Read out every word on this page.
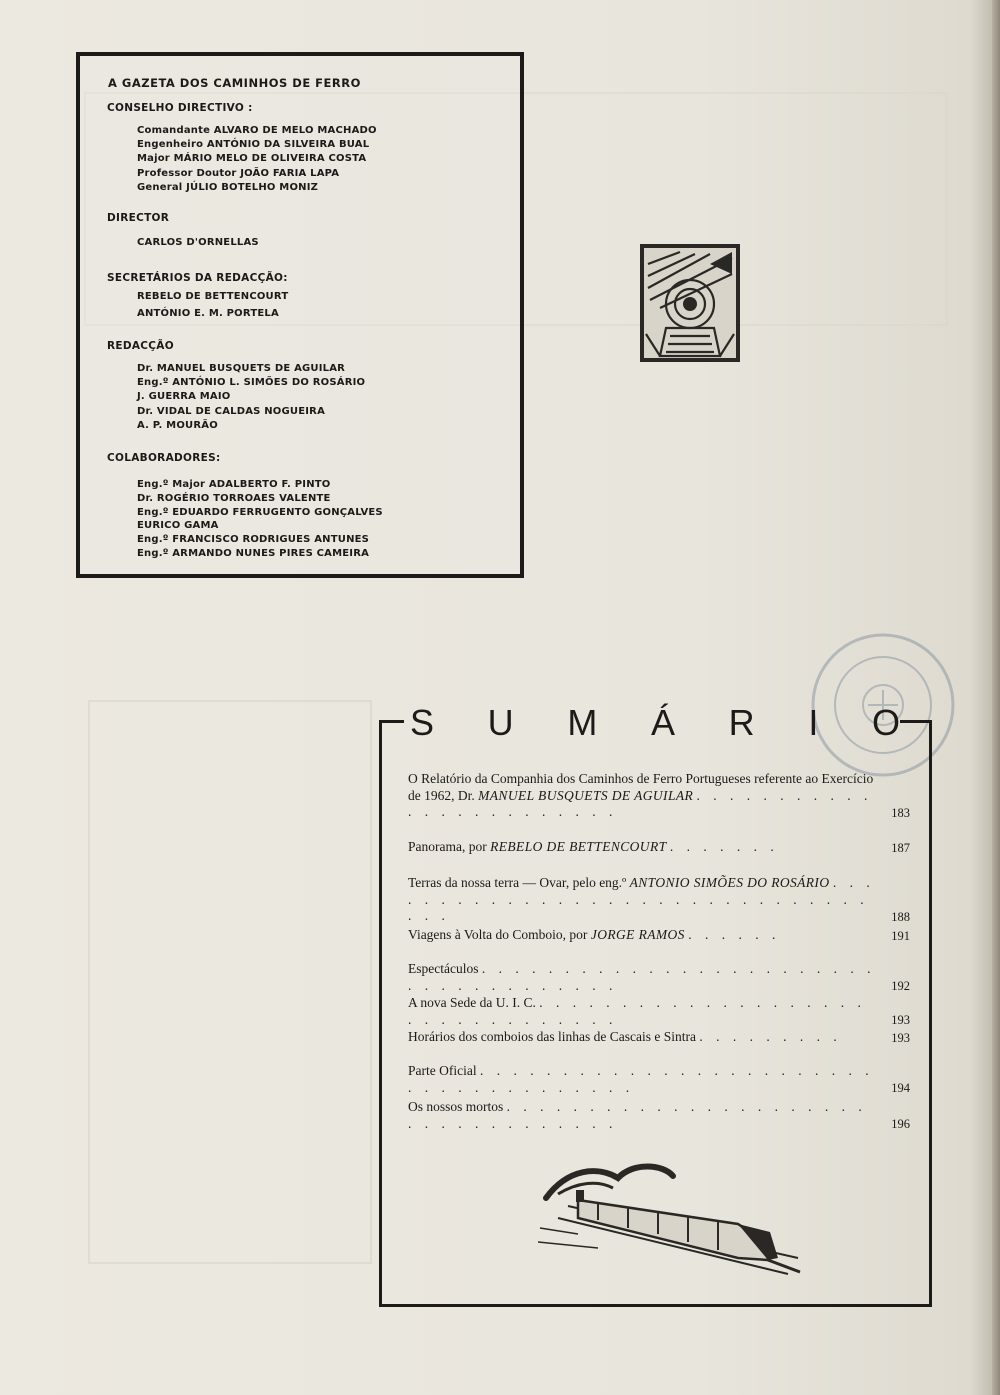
A GAZETA DOS CAMINHOS DE FERRO
CONSELHO DIRECTIVO :
Comandante ALVARO DE MELO MACHADO
Engenheiro ANTÓNIO DA SILVEIRA BUAL
Major MÁRIO MELO DE OLIVEIRA COSTA
Professor Doutor JOÃO FARIA LAPA
General JÚLIO BOTELHO MONIZ
DIRECTOR
CARLOS D'ORNELLAS
SECRETÁRIOS DA REDACÇÃO:
REBELO DE BETTENCOURT
ANTÓNIO E. M. PORTELA
REDACÇÃO
Dr. MANUEL BUSQUETS DE AGUILAR
Eng.º ANTÓNIO L. SIMÕES DO ROSÁRIO
J. GUERRA MAIO
Dr. VIDAL DE CALDAS NOGUEIRA
A. P. MOURÃO
COLABORADORES:
Eng.º Major ADALBERTO F. PINTO
Dr. ROGÉRIO TORROAES VALENTE
Eng.º EDUARDO FERRUGENTO GONÇALVES
EURICO GAMA
Eng.º FRANCISCO RODRIGUES ANTUNES
Eng.º ARMANDO NUNES PIRES CAMEIRA
S U M Á R I O
O Relatório da Companhia dos Caminhos de Ferro Portugueses referente ao Exercício de 1962, Dr. MANUEL BUSQUETS DE AGUILAR . . . . . . . . . . . . . . . . . . . . . . . .	183
Panorama, por REBELO DE BETTENCOURT . . . . . . .	187
Terras da nossa terra — Ovar, pelo eng.º ANTONIO SIMÕES DO ROSÁRIO . . . . . . . . . . . . . . . . . . . . . . . . . . . . . . . . . .	188
Viagens à Volta do Comboio, por JORGE RAMOS . . . . . .	191
Espectáculos . . . . . . . . . . . . . . . . . . . . . . . . . . . . . . . . . . . . .	192
A nova Sede da U. I. C. . . . . . . . . . . . . . . . . . . . . . . . . . . . . . . . . .	193
Horários dos comboios das linhas de Cascais e Sintra . . . . . . . . .	193
Parte Oficial . . . . . . . . . . . . . . . . . . . . . . . . . . . . . . . . . . . . . .	194
Os nossos mortos . . . . . . . . . . . . . . . . . . . . . . . . . . . . . . . . . . .	196
